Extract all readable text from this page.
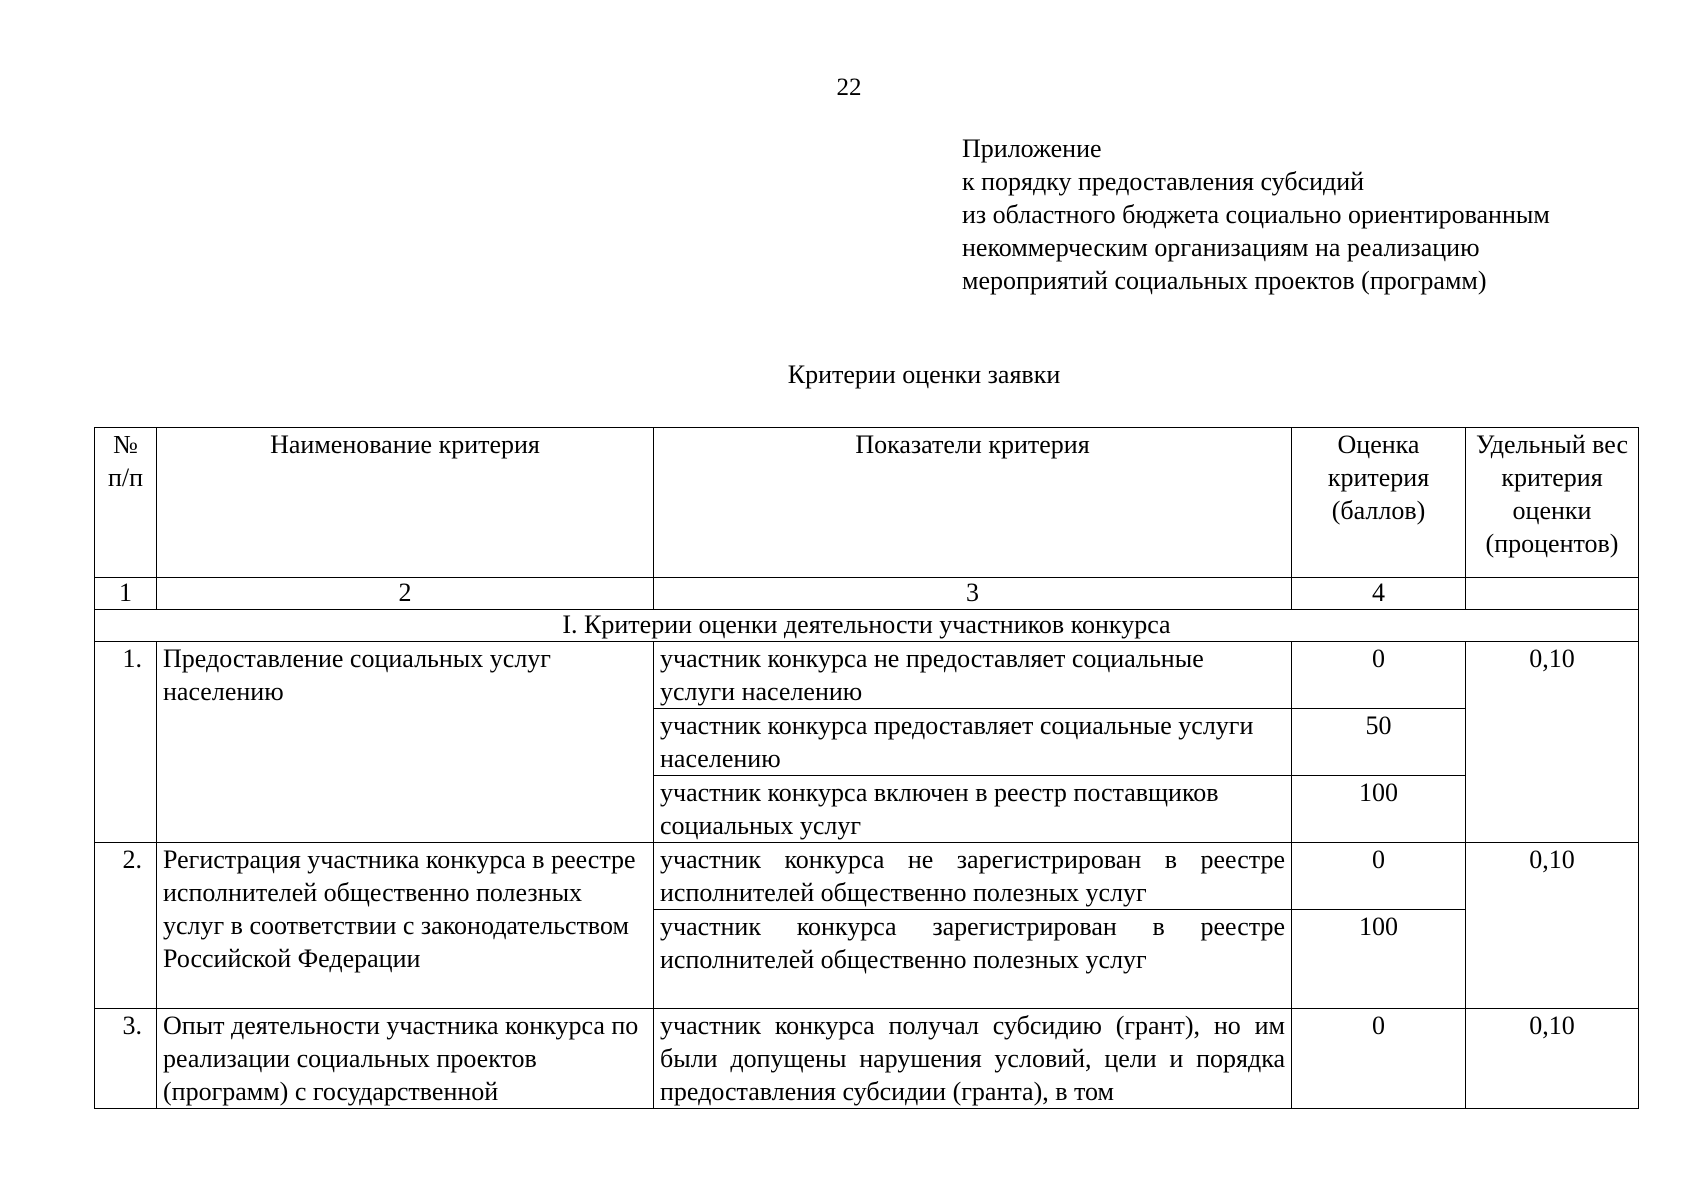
22
Приложение
к порядку предоставления субсидий
из областного бюджета социально ориентированным
некоммерческим организациям на реализацию
мероприятий социальных проектов (программ)
Критерии оценки заявки
№ п/п	Наименование критерия	Показатели критерия	Оценка критерия (баллов)	Удельный вес критерия оценки (процентов)
1	2	3	4	
I. Критерии оценки деятельности участников конкурса				
1.	Предоставление социальных услуг населению	участник конкурса не предоставляет социальные услуги населению	0	0,10
		участник конкурса предоставляет социальные услуги населению	50	
		участник конкурса включен в реестр поставщиков социальных услуг	100	
2.	Регистрация участника конкурса в реестре исполнителей общественно полезных услуг в соответствии с законодательством Российской Федерации	участник конкурса не зарегистрирован в реестре исполнителей общественно полезных услуг	0	0,10
		участник конкурса зарегистрирован в реестре исполнителей общественно полезных услуг	100	
3.	Опыт деятельности участника конкурса по реализации социальных проектов (программ) с государственной	участник конкурса получал субсидию (грант), но им были допущены нарушения условий, цели и порядка предоставления субсидии (гранта), в том	0	0,10
